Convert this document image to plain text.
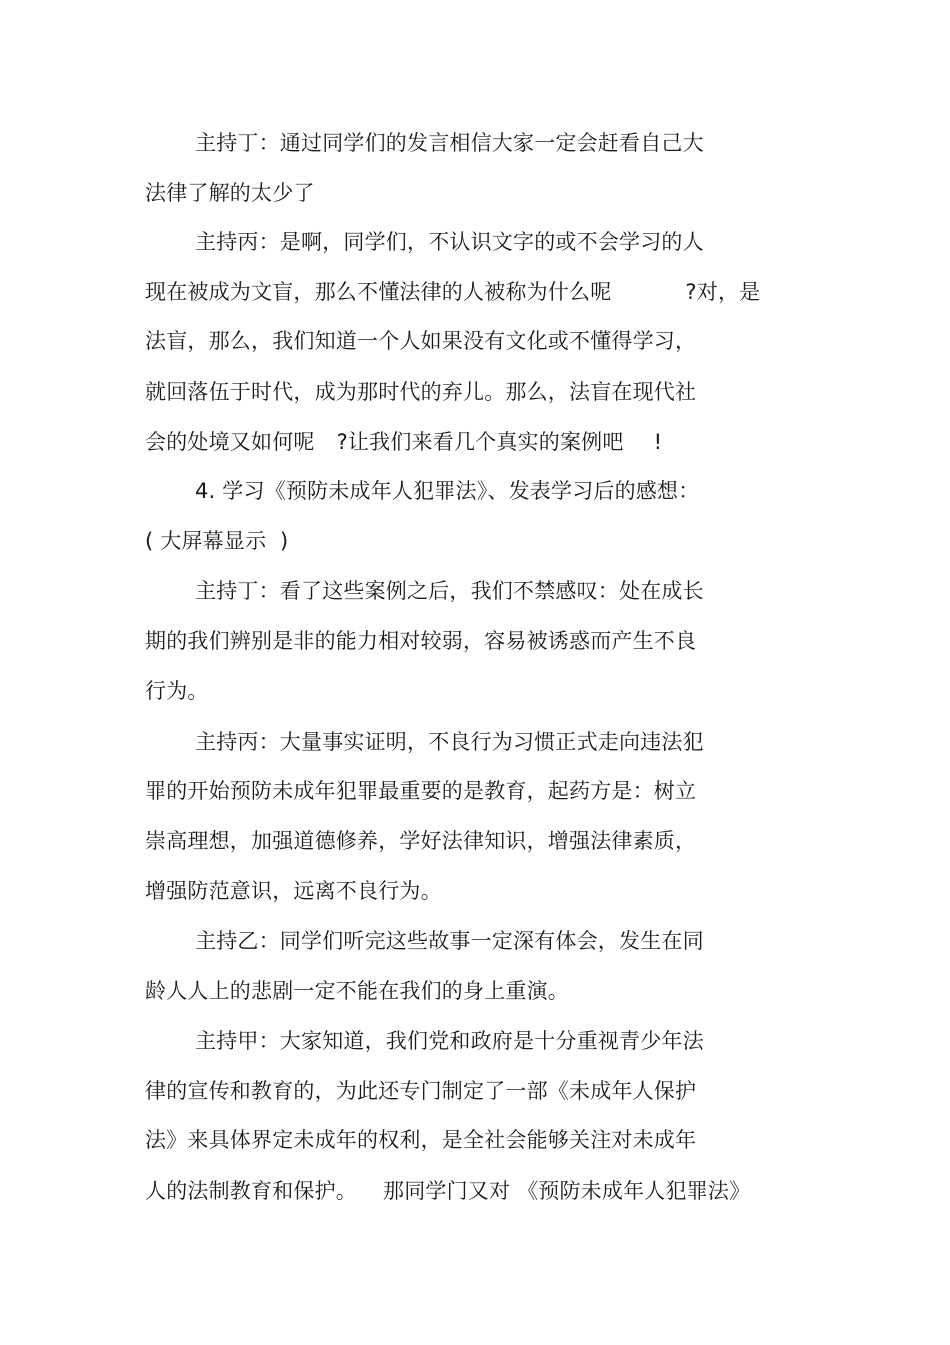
主持丁：通过同学们的发言相信大家一定会赶看自己大
法律了解的太少了
主持丙：是啊，同学们，不认识文字的或不会学习的人
现在被成为文盲，那么不懂法律的人被称为什么呢	?对，是
法盲，那么，我们知道一个人如果没有文化或不懂得学习，
就回落伍于时代，成为那时代的弃儿。那么，法盲在现代社
会的处境又如何呢 ?让我们来看几个真实的案例吧 !
4. 学习《预防未成年人犯罪法》、发表学习后的感想：
( 大屏幕显示  )
主持丁：看了这些案例之后，我们不禁感叹：处在成长
期的我们辨别是非的能力相对较弱，容易被诱惑而产生不良
行为。
主持丙：大量事实证明，不良行为习惯正式走向违法犯
罪的开始预防未成年犯罪最重要的是教育，起药方是：树立
崇高理想，加强道德修养，学好法律知识，增强法律素质，
增强防范意识，远离不良行为。
主持乙：同学们听完这些故事一定深有体会，发生在同
龄人人上的悲剧一定不能在我们的身上重演。
主持甲：大家知道，我们党和政府是十分重视青少年法
律的宣传和教育的，为此还专门制定了一部《未成年人保护
法》来具体界定未成年的权利，是全社会能够关注对未成年
人的法制教育和保护。 那同学门又对 《预防未成年人犯罪法》
